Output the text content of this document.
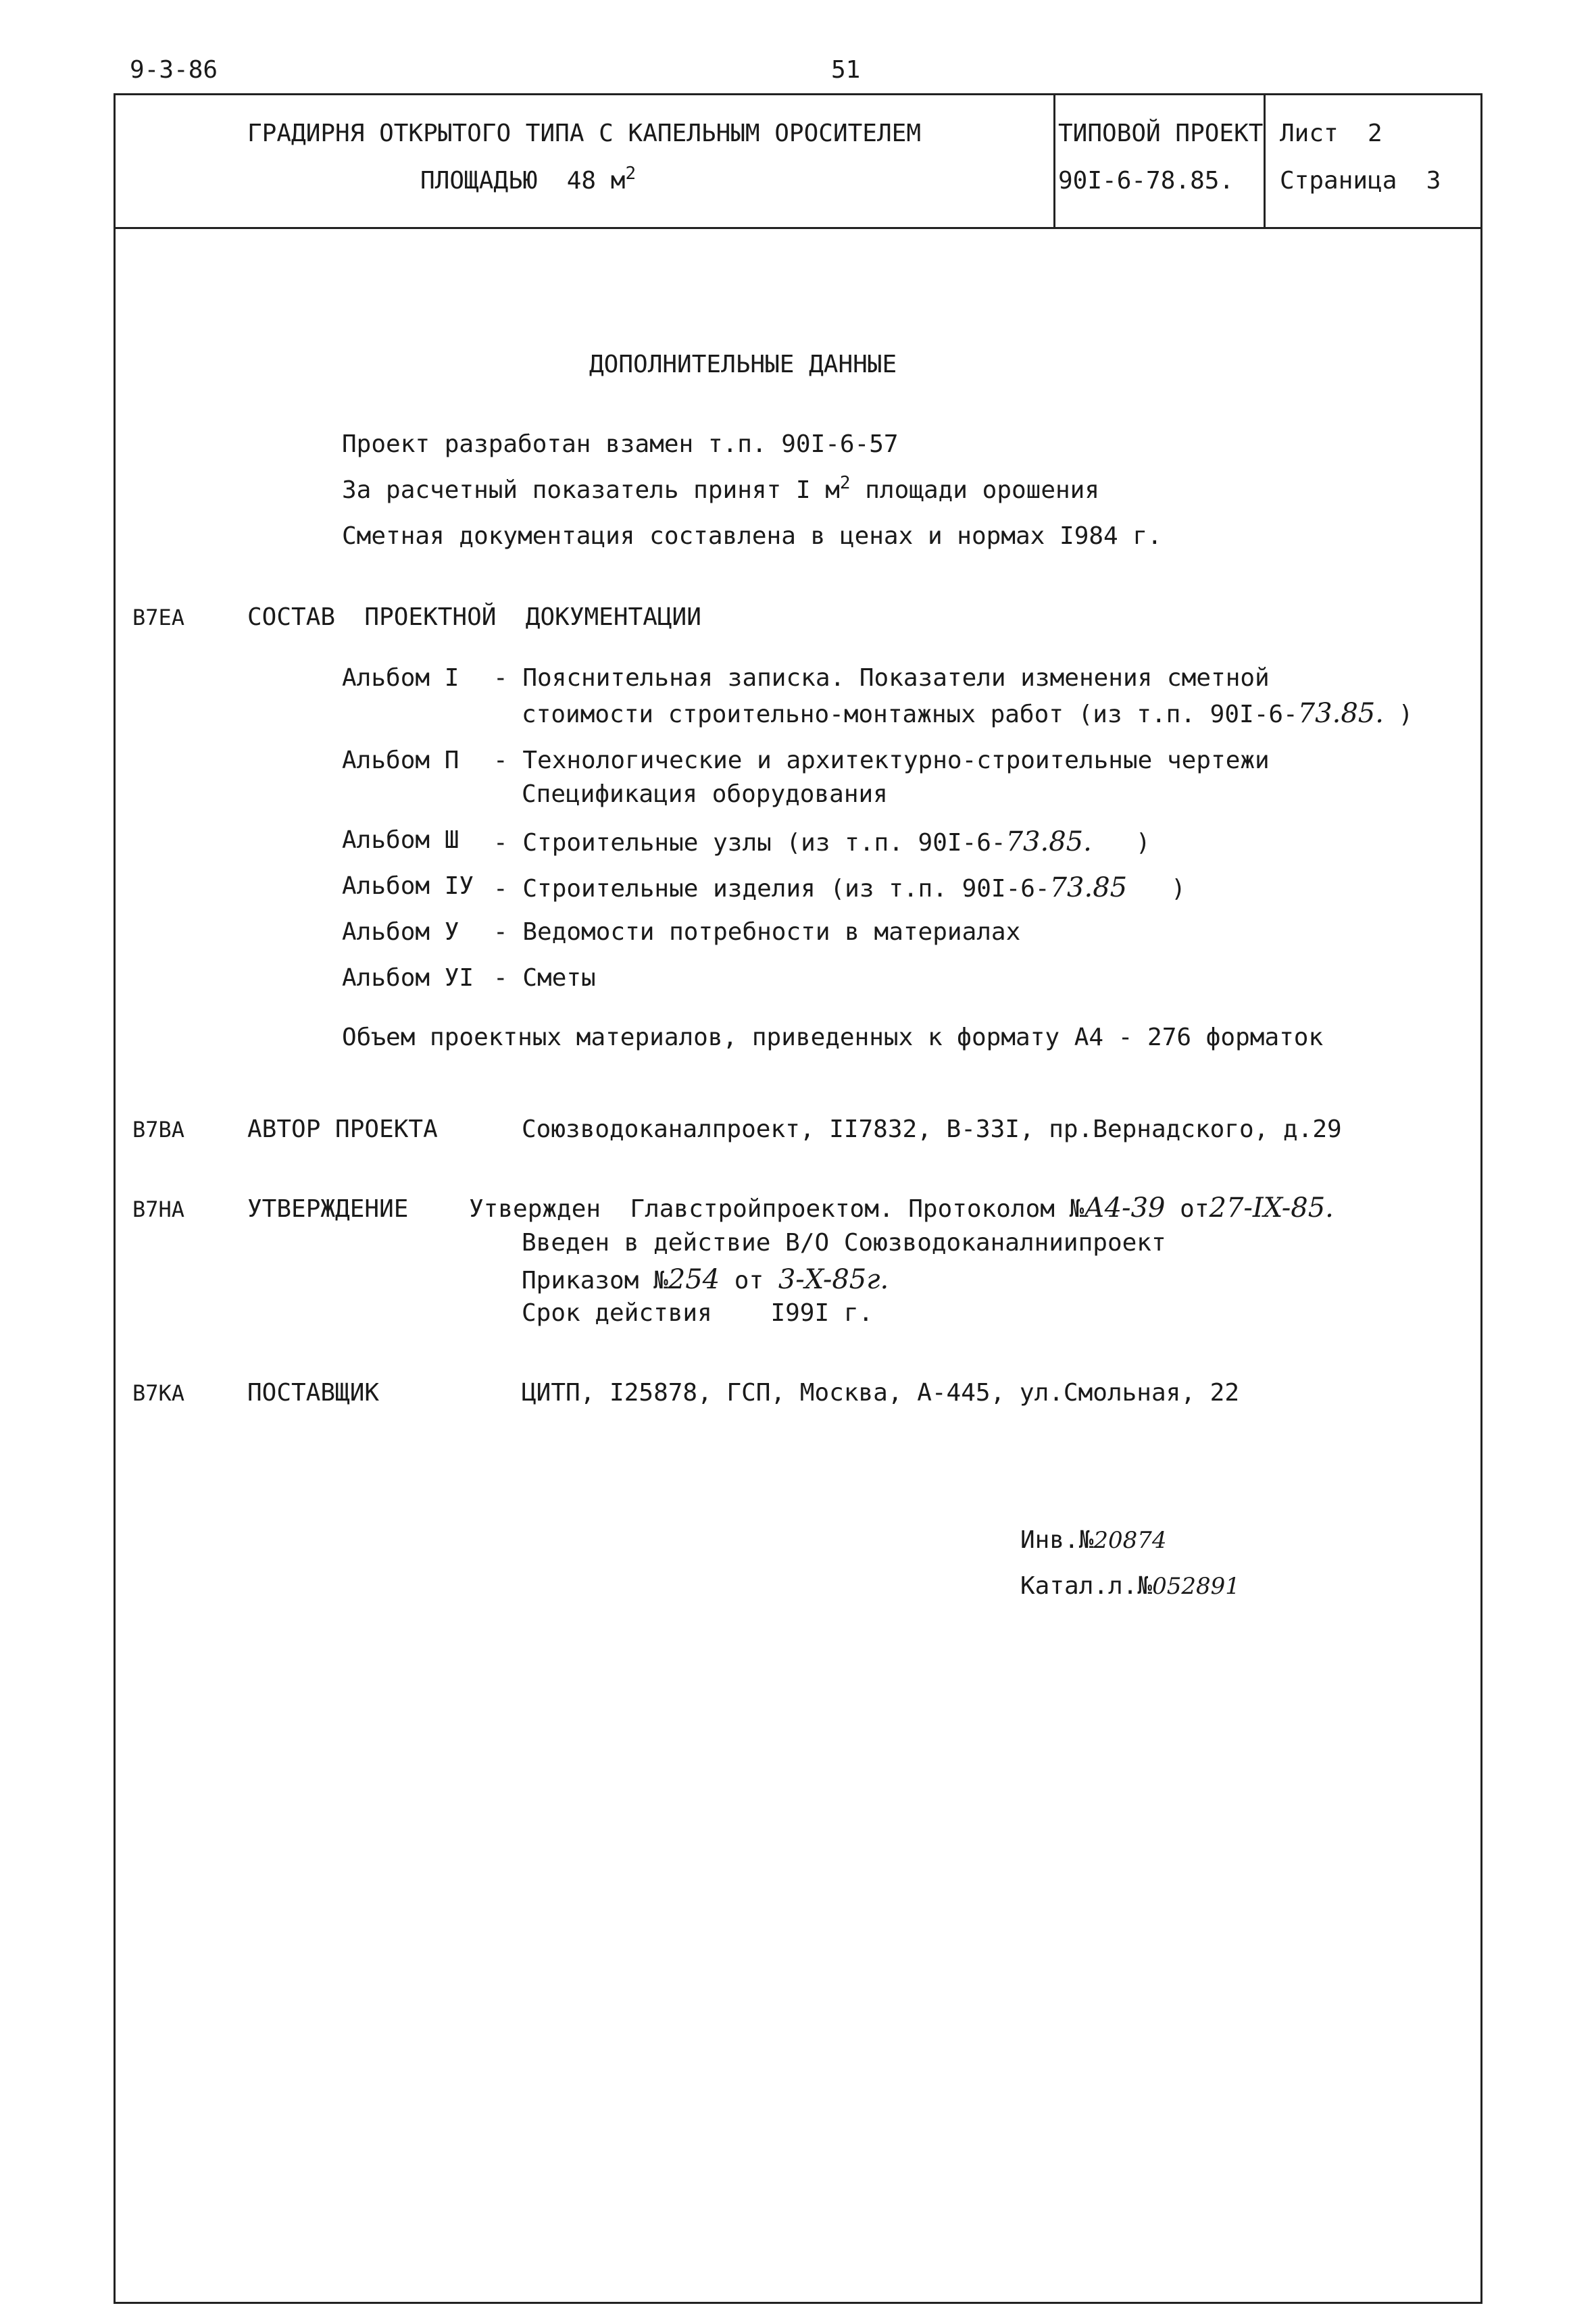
9-3-86	51
ГРАДИРНЯ ОТКРЫТОГО ТИПА С КАПЕЛЬНЫМ ОРОСИТЕЛЕМ
ПЛОЩАДЬЮ  48 $м^2$
ТИПОВОЙ ПРОЕКТ
90I-6-78.85.
Лист  2
Страница  3
ДОПОЛНИТЕЛЬНЫЕ ДАННЫЕ
Проект разработан взамен т.п. 90I-6-57
За расчетный показатель принят I $м^2$ площади орошения
Сметная документация составлена в ценах и нормах I984 г.
В7ЕА	СОСТАВ  ПРОЕКТНОЙ  ДОКУМЕНТАЦИИ
Альбом I - Пояснительная записка. Показатели изменения сметной
стоимости строительно-монтажных работ (из т.п. 90I-6-73.85. )
Альбом П - Технологические и архитектурно-строительные чертежи
Спецификация оборудования
Альбом Ш - Строительные узлы (из т.п. 90I-6-73.85.   )
Альбом IУ - Строительные изделия (из т.п. 90I-6-73.85   )
Альбом У - Ведомости потребности в материалах
Альбом УI - Сметы
Объем проектных материалов, приведенных к формату А4 - 276 форматок
В7ВА	АВТОР ПРОЕКТА	Союзводоканалпроект, II7832, В-33I, пр.Вернадского, д.29
В7НА	УТВЕРЖДЕНИЕ Утвержден  Главстройпроектом. Протоколом №А4-39 от27-IX-85.
Введен в действие В/О Союзводоканалниипроект
Приказом №254 от 3-X-85г.
Срок действия    I99I г.
В7КА	ПОСТАВЩИК	ЦИТП, I25878, ГСП, Москва, А-445, ул.Смольная, 22
Инв.№20874
Катал.л.№052891
